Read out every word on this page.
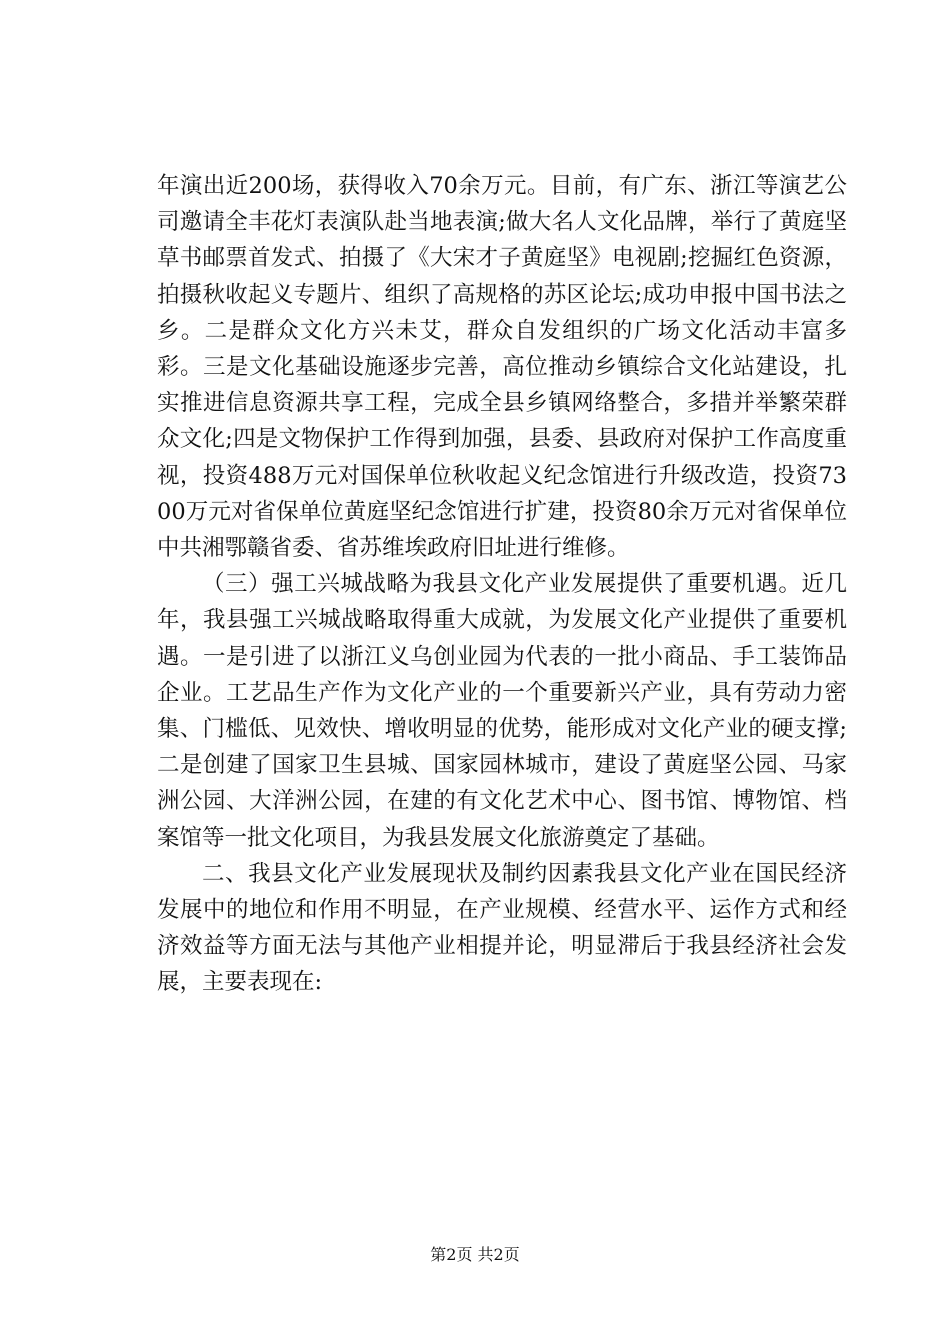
年演出近200场，获得收入70余万元。目前，有广东、浙江等演艺公司邀请全丰花灯表演队赴当地表演;做大名人文化品牌，举行了黄庭坚草书邮票首发式、拍摄了《大宋才子黄庭坚》电视剧;挖掘红色资源，拍摄秋收起义专题片、组织了高规格的苏区论坛;成功申报中国书法之乡。二是群众文化方兴未艾，群众自发组织的广场文化活动丰富多彩。三是文化基础设施逐步完善，高位推动乡镇综合文化站建设，扎实推进信息资源共享工程，完成全县乡镇网络整合，多措并举繁荣群众文化;四是文物保护工作得到加强，县委、县政府对保护工作高度重视，投资488万元对国保单位秋收起义纪念馆进行升级改造，投资7300万元对省保单位黄庭坚纪念馆进行扩建，投资80余万元对省保单位中共湘鄂赣省委、省苏维埃政府旧址进行维修。

（三）强工兴城战略为我县文化产业发展提供了重要机遇。近几年，我县强工兴城战略取得重大成就，为发展文化产业提供了重要机遇。一是引进了以浙江义乌创业园为代表的一批小商品、手工装饰品企业。工艺品生产作为文化产业的一个重要新兴产业，具有劳动力密集、门槛低、见效快、增收明显的优势，能形成对文化产业的硬支撑;二是创建了国家卫生县城、国家园林城市，建设了黄庭坚公园、马家洲公园、大洋洲公园，在建的有文化艺术中心、图书馆、博物馆、档案馆等一批文化项目，为我县发展文化旅游奠定了基础。

二、我县文化产业发展现状及制约因素我县文化产业在国民经济发展中的地位和作用不明显，在产业规模、经营水平、运作方式和经济效益等方面无法与其他产业相提并论，明显滞后于我县经济社会发展，主要表现在:

第2页 共2页
